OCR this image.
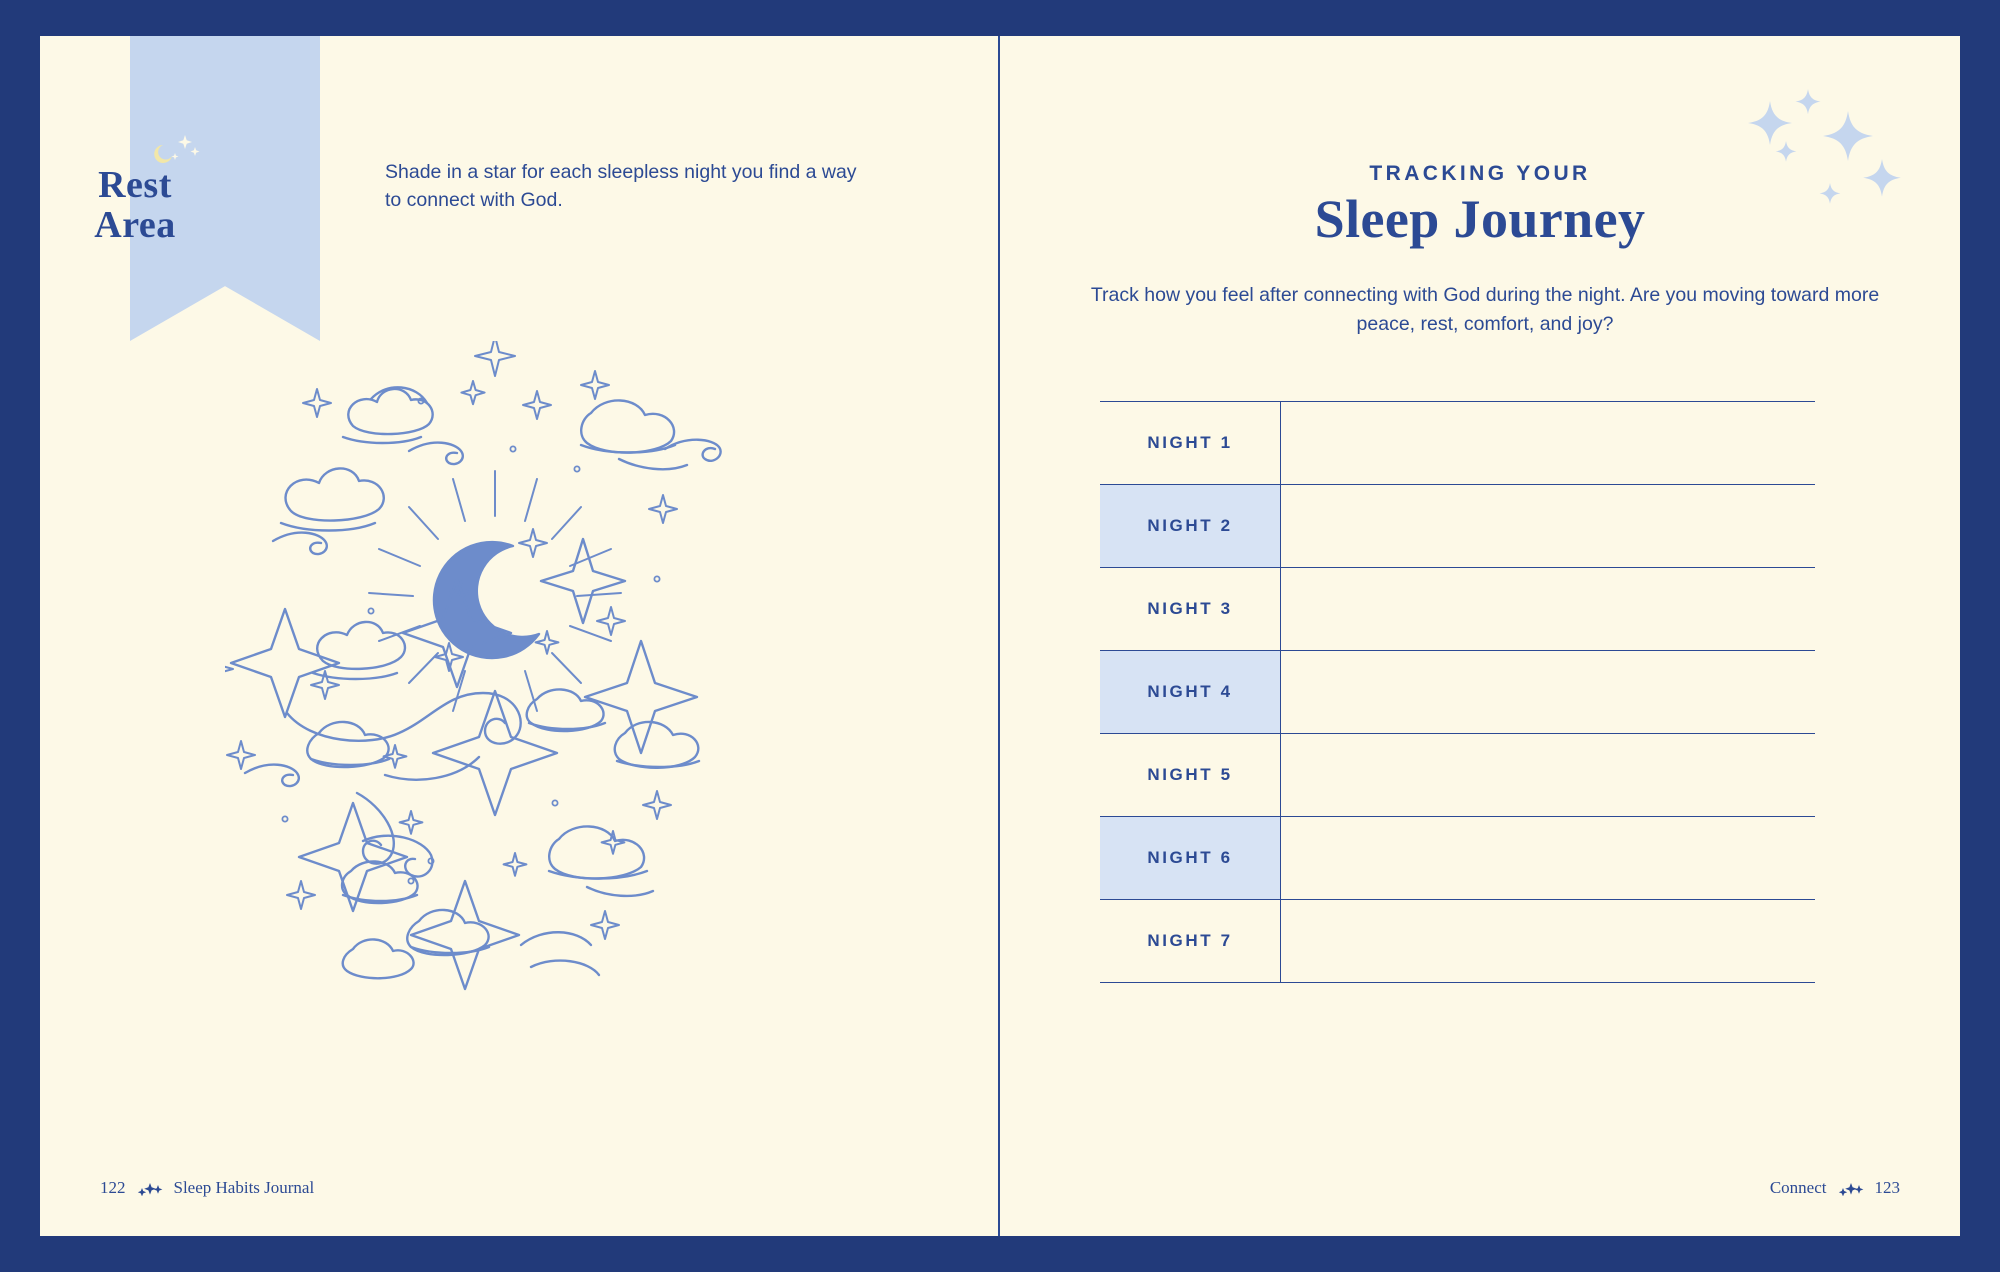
Rest
Area
Shade in a star for each sleepless night you find a way to connect with God.
122	Sleep Habits Journal
TRACKING YOUR
Sleep Journey
Track how you feel after connecting with God during the night. Are you moving toward more peace, rest, comfort, and joy?
NIGHT 1	
NIGHT 2	
NIGHT 3	
NIGHT 4	
NIGHT 5	
NIGHT 6	
NIGHT 7	
Connect	123
